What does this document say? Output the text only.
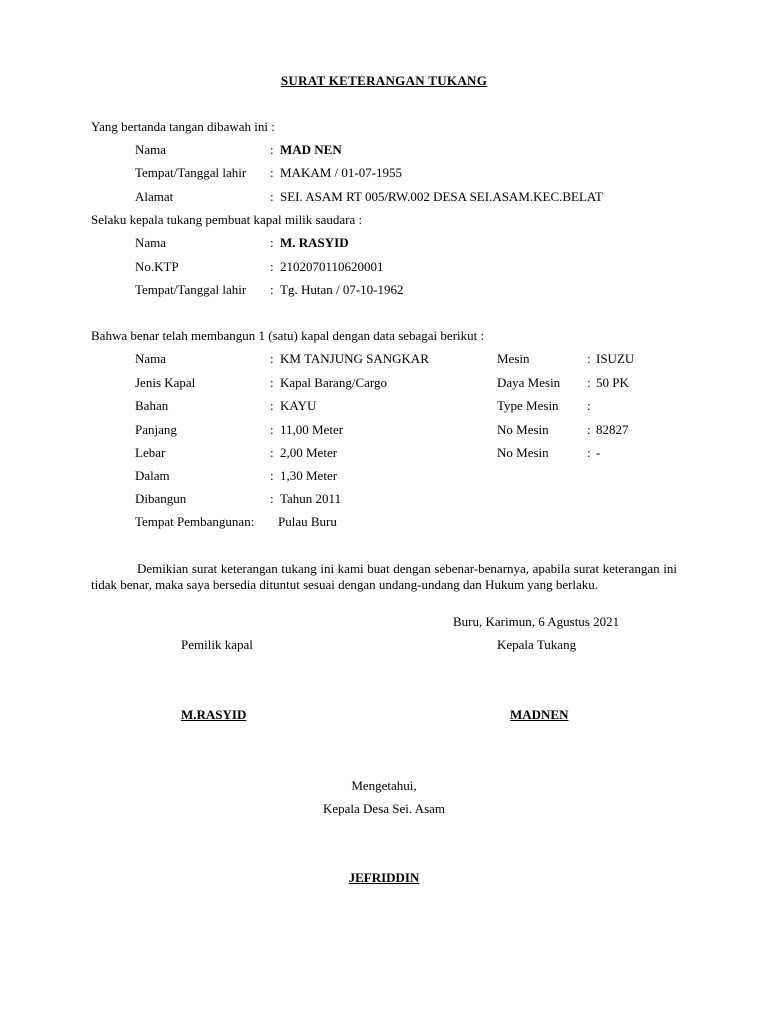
SURAT KETERANGAN TUKANG
Yang bertanda tangan dibawah ini :
Nama	: MAD NEN
Tempat/Tanggal lahir : MAKAM / 01-07-1955
Alamat	: SEI. ASAM RT 005/RW.002 DESA SEI.ASAM.KEC.BELAT
Selaku kepala tukang pembuat kapal milik saudara :
Nama	: M. RASYID
No.KTP	: 2102070110620001
Tempat/Tanggal lahir : Tg. Hutan / 07-10-1962
Bahwa benar telah membangun 1 (satu) kapal dengan data sebagai berikut :
Nama	: KM TANJUNG SANGKAR
Jenis Kapal	: Kapal Barang/Cargo
Bahan	: KAYU
Panjang	: 11,00 Meter
Lebar	: 2,00 Meter
Dalam	: 1,30 Meter
Dibangun	: Tahun 2011
Tempat Pembangunan: Pulau Buru
Mesin	: ISUZU
Daya Mesin : 50 PK
Type Mesin :
No Mesin	: 82827
No Mesin	: -
Demikian surat keterangan tukang ini kami buat dengan sebenar-benarnya, apabila surat keterangan ini tidak benar, maka saya bersedia dituntut sesuai dengan undang-undang dan Hukum yang berlaku.
Buru, Karimun, 6 Agustus 2021
Pemilik kapal	Kepala Tukang
M.RASYID	MADNEN
Mengetahui,
Kepala Desa Sei. Asam
JEFRIDDIN
